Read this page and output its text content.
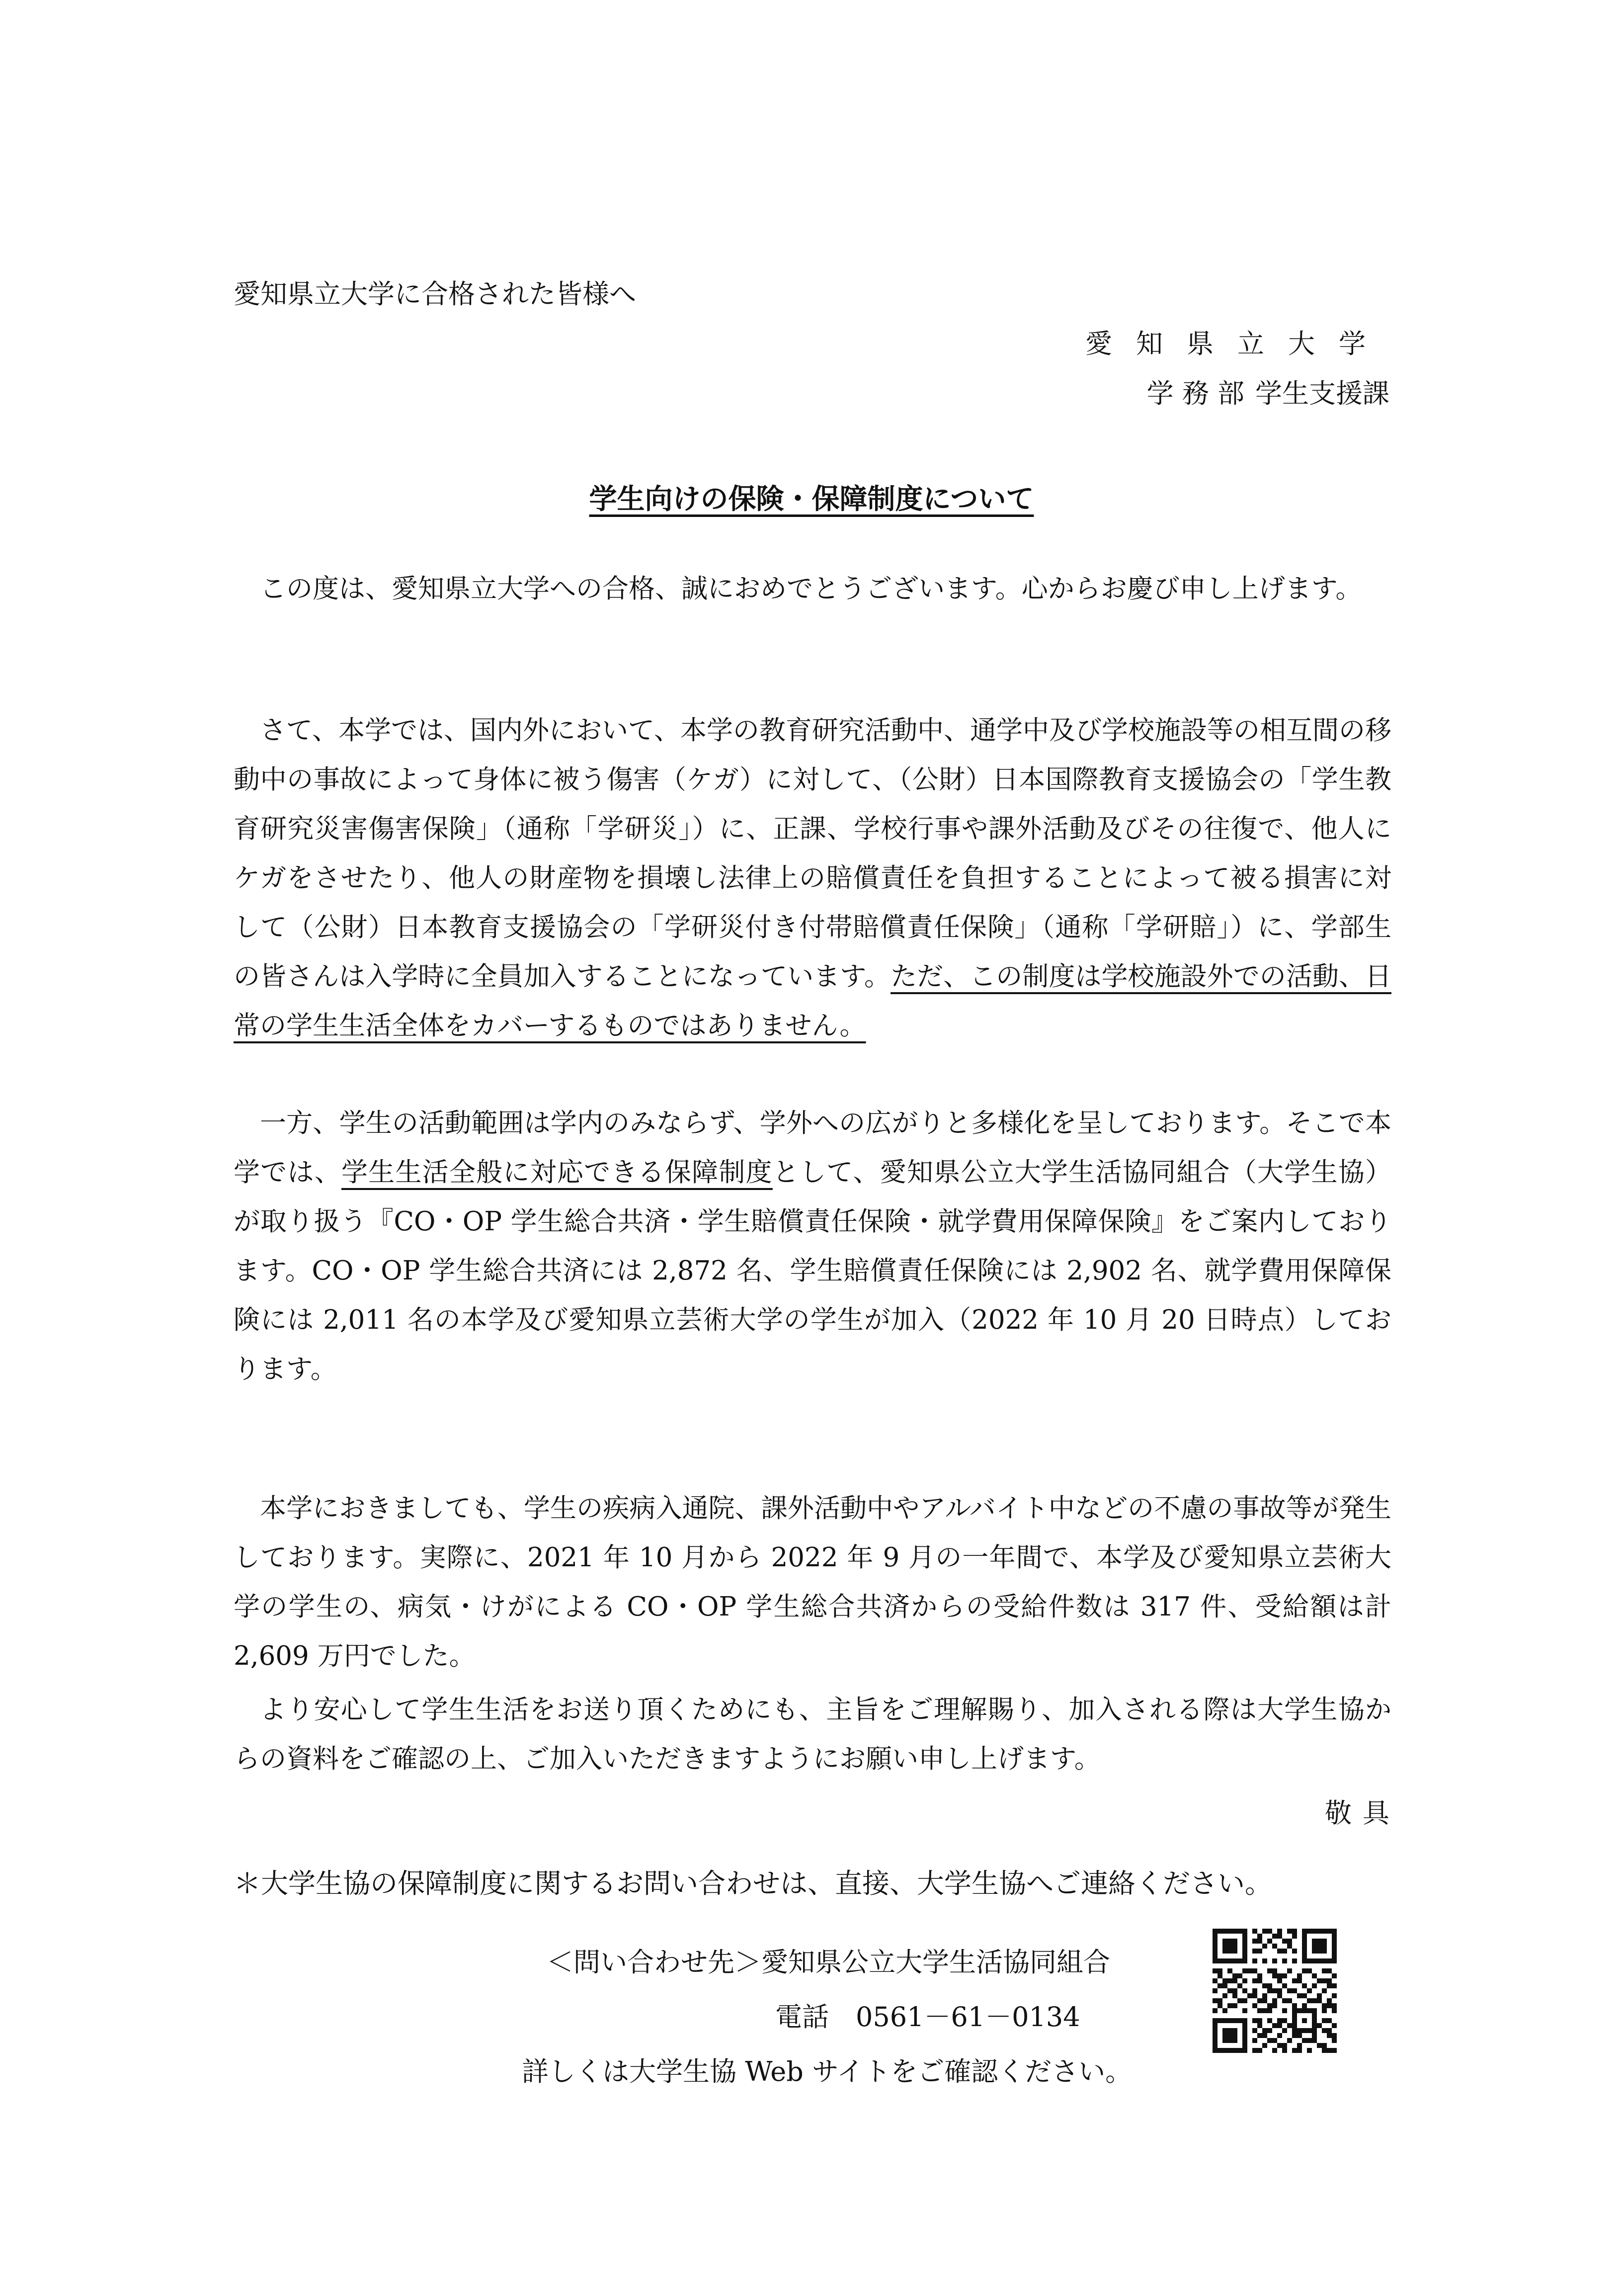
愛知県立大学に合格された皆様へ
愛知県立大学
学 務 部 学生支援課
学生向けの保険・保障制度について
この度は、愛知県立大学への合格、誠におめでとうございます。心からお慶び申し上げます。
さて、本学では、国内外において、本学の教育研究活動中、通学中及び学校施設等の相互間の移動中の事故によって身体に被う傷害（ケガ）に対して、（公財）日本国際教育支援協会の「学生教育研究災害傷害保険」（通称「学研災」）に、正課、学校行事や課外活動及びその往復で、他人にケガをさせたり、他人の財産物を損壊し法律上の賠償責任を負担することによって被る損害に対して（公財）日本教育支援協会の「学研災付き付帯賠償責任保険」（通称「学研賠」）に、学部生の皆さんは入学時に全員加入することになっています。ただ、この制度は学校施設外での活動、日常の学生生活全体をカバーするものではありません。
一方、学生の活動範囲は学内のみならず、学外への広がりと多様化を呈しております。そこで本学では、学生生活全般に対応できる保障制度として、愛知県公立大学生活協同組合（大学生協）が取り扱う『CO・OP 学生総合共済・学生賠償責任保険・就学費用保障保険』をご案内しております。CO・OP 学生総合共済には 2,872 名、学生賠償責任保険には 2,902 名、就学費用保障保険には 2,011 名の本学及び愛知県立芸術大学の学生が加入（2022 年 10 月 20 日時点）しております。
本学におきましても、学生の疾病入通院、課外活動中やアルバイト中などの不慮の事故等が発生しております。実際に、2021 年 10 月から 2022 年 9 月の一年間で、本学及び愛知県立芸術大学の学生の、病気・けがによる CO・OP 学生総合共済からの受給件数は 317 件、受給額は計 2,609 万円でした。
より安心して学生生活をお送り頂くためにも、主旨をご理解賜り、加入される際は大学生協からの資料をご確認の上、ご加入いただきますようにお願い申し上げます。
敬具
＊大学生協の保障制度に関するお問い合わせは、直接、大学生協へご連絡ください。
＜問い合わせ先＞愛知県公立大学生活協同組合
電話　0561－61－0134
詳しくは大学生協 Web サイトをご確認ください。
